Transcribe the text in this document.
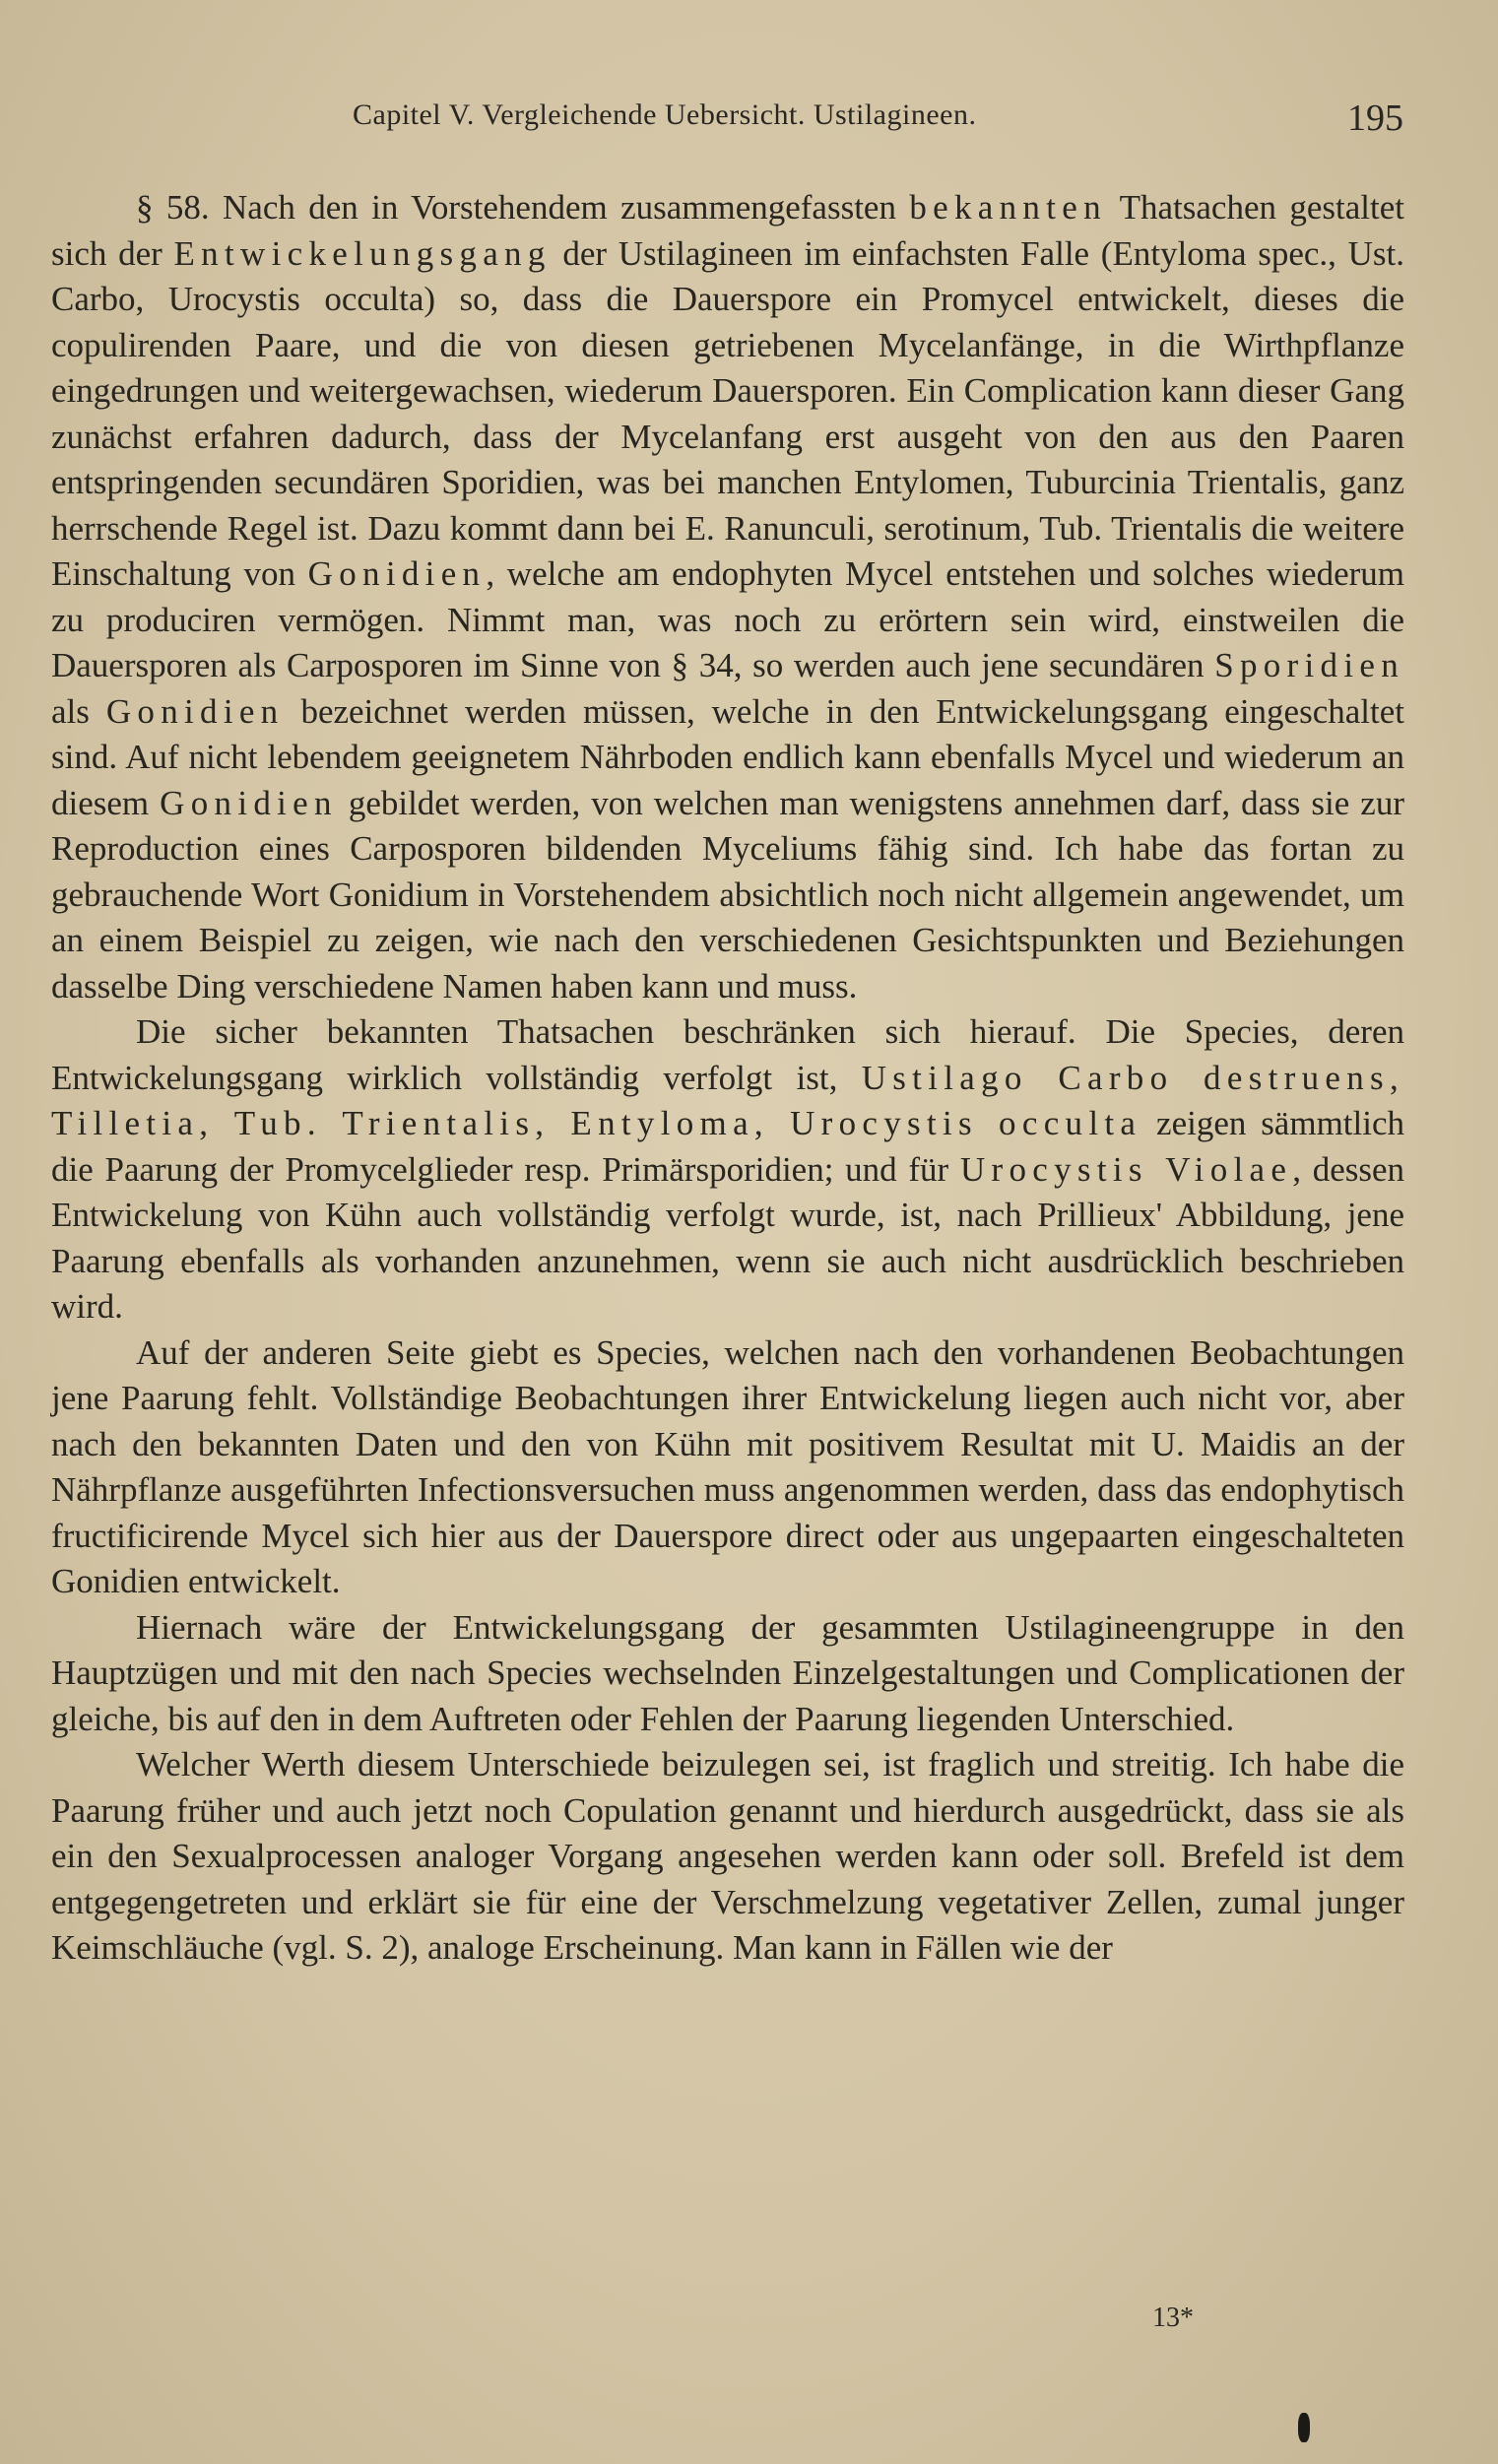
Capitel V. Vergleichende Uebersicht. Ustilagineen.	195

§ 58. Nach den in Vorstehendem zusammengefassten bekannten Thatsachen gestaltet sich der Entwickelungsgang der Ustilagineen im einfachsten Falle (Entyloma spec., Ust. Carbo, Urocystis occulta) so, dass die Dauerspore ein Promycel entwickelt, dieses die copulirenden Paare, und die von diesen getriebenen Mycelanfänge, in die Wirthpflanze eingedrungen und weitergewachsen, wiederum Dauersporen. Ein Complication kann dieser Gang zunächst erfahren dadurch, dass der Mycelanfang erst ausgeht von den aus den Paaren entspringenden secundären Sporidien, was bei manchen Entylomen, Tuburcinia Trientalis, ganz herrschende Regel ist. Dazu kommt dann bei E. Ranunculi, serotinum, Tub. Trientalis die weitere Einschaltung von Gonidien, welche am endophyten Mycel entstehen und solches wiederum zu produciren vermögen. Nimmt man, was noch zu erörtern sein wird, einstweilen die Dauersporen als Carposporen im Sinne von § 34, so werden auch jene secundären Sporidien als Gonidien bezeichnet werden müssen, welche in den Entwickelungsgang eingeschaltet sind. Auf nicht lebendem geeignetem Nährboden endlich kann ebenfalls Mycel und wiederum an diesem Gonidien gebildet werden, von welchen man wenigstens annehmen darf, dass sie zur Reproduction eines Carposporen bildenden Myceliums fähig sind. Ich habe das fortan zu gebrauchende Wort Gonidium in Vorstehendem absichtlich noch nicht allgemein angewendet, um an einem Beispiel zu zeigen, wie nach den verschiedenen Gesichtspunkten und Beziehungen dasselbe Ding verschiedene Namen haben kann und muss.

Die sicher bekannten Thatsachen beschränken sich hierauf. Die Species, deren Entwickelungsgang wirklich vollständig verfolgt ist, Ustilago Carbo destruens, Tilletia, Tub. Trientalis, Entyloma, Urocystis occulta zeigen sämmtlich die Paarung der Promycelglieder resp. Primärsporidien; und für Urocystis Violae, dessen Entwickelung von Kühn auch vollständig verfolgt wurde, ist, nach Prillieux' Abbildung, jene Paarung ebenfalls als vorhanden anzunehmen, wenn sie auch nicht ausdrücklich beschrieben wird.

Auf der anderen Seite giebt es Species, welchen nach den vorhandenen Beobachtungen jene Paarung fehlt. Vollständige Beobachtungen ihrer Entwickelung liegen auch nicht vor, aber nach den bekannten Daten und den von Kühn mit positivem Resultat mit U. Maidis an der Nährpflanze ausgeführten Infectionsversuchen muss angenommen werden, dass das endophytisch fructificirende Mycel sich hier aus der Dauerspore direct oder aus ungepaarten eingeschalteten Gonidien entwickelt.

Hiernach wäre der Entwickelungsgang der gesammten Ustilagineengruppe in den Hauptzügen und mit den nach Species wechselnden Einzelgestaltungen und Complicationen der gleiche, bis auf den in dem Auftreten oder Fehlen der Paarung liegenden Unterschied.

Welcher Werth diesem Unterschiede beizulegen sei, ist fraglich und streitig. Ich habe die Paarung früher und auch jetzt noch Copulation genannt und hierdurch ausgedrückt, dass sie als ein den Sexualprocessen analoger Vorgang angesehen werden kann oder soll. Brefeld ist dem entgegengetreten und erklärt sie für eine der Verschmelzung vegetativer Zellen, zumal junger Keimschläuche (vgl. S. 2), analoge Erscheinung. Man kann in Fällen wie der

13*
